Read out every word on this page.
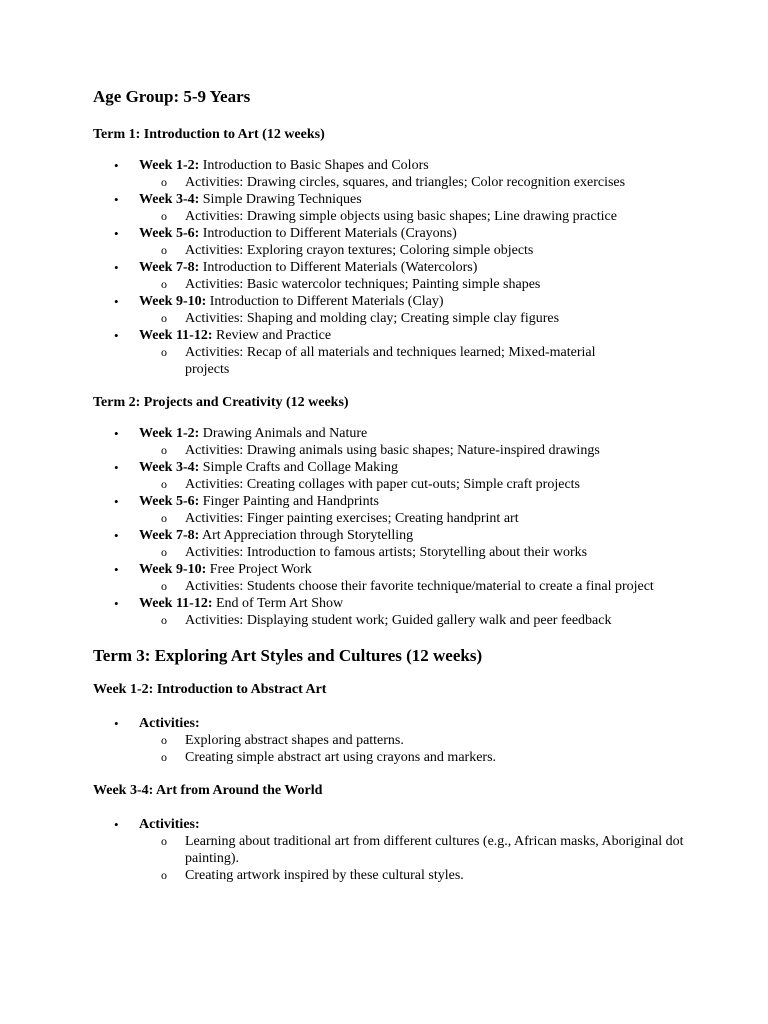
Age Group: 5-9 Years
Term 1: Introduction to Art (12 weeks)
• Week 1-2: Introduction to Basic Shapes and Colors
o Activities: Drawing circles, squares, and triangles; Color recognition exercises
• Week 3-4: Simple Drawing Techniques
o Activities: Drawing simple objects using basic shapes; Line drawing practice
• Week 5-6: Introduction to Different Materials (Crayons)
o Activities: Exploring crayon textures; Coloring simple objects
• Week 7-8: Introduction to Different Materials (Watercolors)
o Activities: Basic watercolor techniques; Painting simple shapes
• Week 9-10: Introduction to Different Materials (Clay)
o Activities: Shaping and molding clay; Creating simple clay figures
• Week 11-12: Review and Practice
o Activities: Recap of all materials and techniques learned; Mixed-material projects
Term 2: Projects and Creativity (12 weeks)
• Week 1-2: Drawing Animals and Nature
o Activities: Drawing animals using basic shapes; Nature-inspired drawings
• Week 3-4: Simple Crafts and Collage Making
o Activities: Creating collages with paper cut-outs; Simple craft projects
• Week 5-6: Finger Painting and Handprints
o Activities: Finger painting exercises; Creating handprint art
• Week 7-8: Art Appreciation through Storytelling
o Activities: Introduction to famous artists; Storytelling about their works
• Week 9-10: Free Project Work
o Activities: Students choose their favorite technique/material to create a final project
• Week 11-12: End of Term Art Show
o Activities: Displaying student work; Guided gallery walk and peer feedback
Term 3: Exploring Art Styles and Cultures (12 weeks)
Week 1-2: Introduction to Abstract Art
• Activities:
o Exploring abstract shapes and patterns.
o Creating simple abstract art using crayons and markers.
Week 3-4: Art from Around the World
• Activities:
o Learning about traditional art from different cultures (e.g., African masks, Aboriginal dot painting).
o Creating artwork inspired by these cultural styles.
